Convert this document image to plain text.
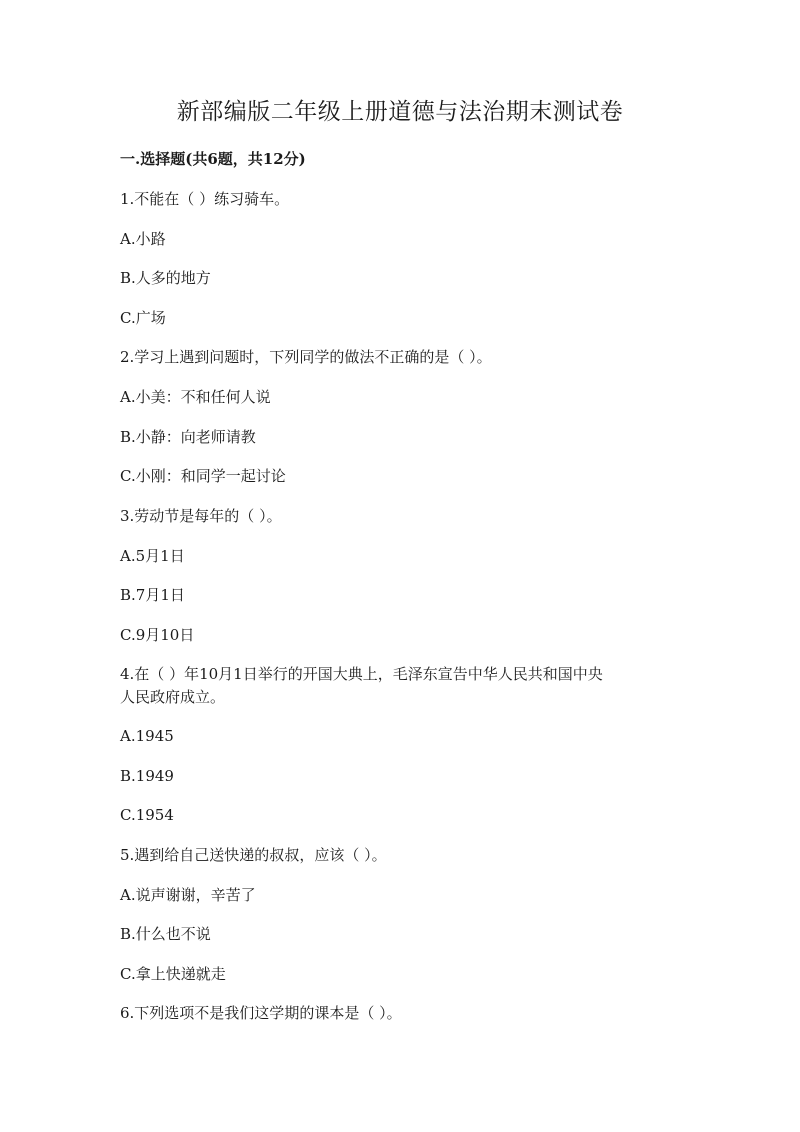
新部编版二年级上册道德与法治期末测试卷

一.选择题(共6题，共12分)

1.不能在（ ）练习骑车。

A.小路

B.人多的地方

C.广场

2.学习上遇到问题时，下列同学的做法不正确的是（ ）。

A.小美：不和任何人说

B.小静：向老师请教

C.小刚：和同学一起讨论

3.劳动节是每年的（ ）。

A.5月1日

B.7月1日

C.9月10日

4.在（ ）年10月1日举行的开国大典上，毛泽东宣告中华人民共和国中央

人民政府成立。

A.1945

B.1949

C.1954

5.遇到给自己送快递的叔叔，应该（ ）。

A.说声谢谢，辛苦了

B.什么也不说

C.拿上快递就走

6.下列选项不是我们这学期的课本是（ ）。
